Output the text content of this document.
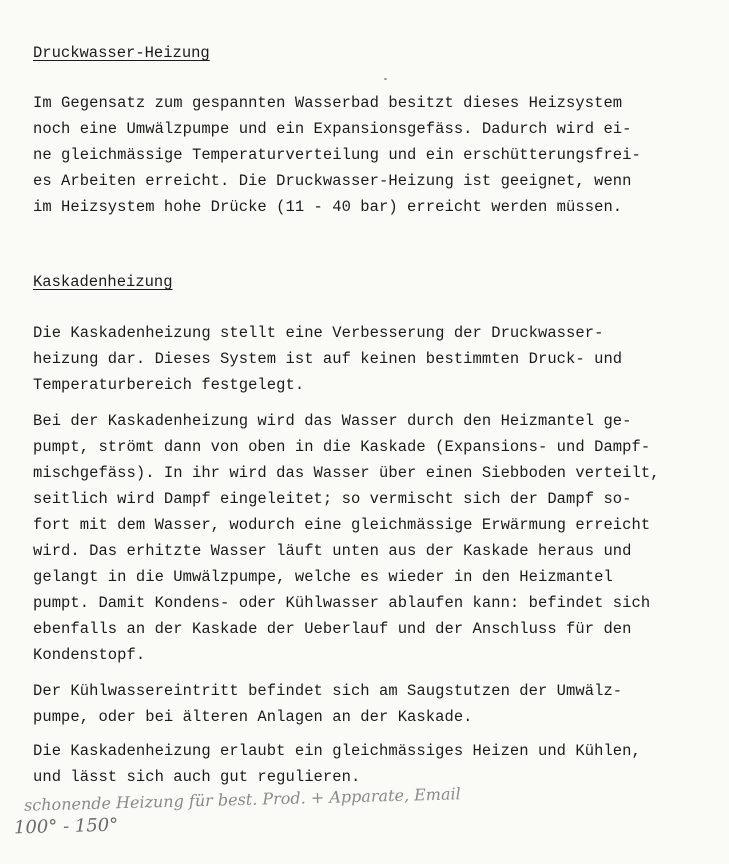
Druckwasser-Heizung
Im Gegensatz zum gespannten Wasserbad besitzt dieses Heizsystem
noch eine Umwälzpumpe und ein Expansionsgefäss. Dadurch wird ei-
ne gleichmässige Temperaturverteilung und ein erschütterungsfrei-
es Arbeiten erreicht. Die Druckwasser-Heizung ist geeignet, wenn
im Heizsystem hohe Drücke (11 - 40 bar) erreicht werden müssen.
Kaskadenheizung
Die Kaskadenheizung stellt eine Verbesserung der Druckwasser-
heizung dar. Dieses System ist auf keinen bestimmten Druck- und
Temperaturbereich festgelegt.
Bei der Kaskadenheizung wird das Wasser durch den Heizmantel ge-
pumpt, strömt dann von oben in die Kaskade (Expansions- und Dampf-
mischgefäss). In ihr wird das Wasser über einen Siebboden verteilt,
seitlich wird Dampf eingeleitet; so vermischt sich der Dampf so-
fort mit dem Wasser, wodurch eine gleichmässige Erwärmung erreicht
wird. Das erhitzte Wasser läuft unten aus der Kaskade heraus und
gelangt in die Umwälzpumpe, welche es wieder in den Heizmantel
pumpt. Damit Kondens- oder Kühlwasser ablaufen kann: befindet sich
ebenfalls an der Kaskade der Ueberlauf und der Anschluss für den
Kondenstopf.
Der Kühlwassereintritt befindet sich am Saugstutzen der Umwälz-
pumpe, oder bei älteren Anlagen an der Kaskade.
Die Kaskadenheizung erlaubt ein gleichmässiges Heizen und Kühlen,
und lässt sich auch gut regulieren.
schonende Heizung für best. Prod. + Apparate, Email
100° - 150°
